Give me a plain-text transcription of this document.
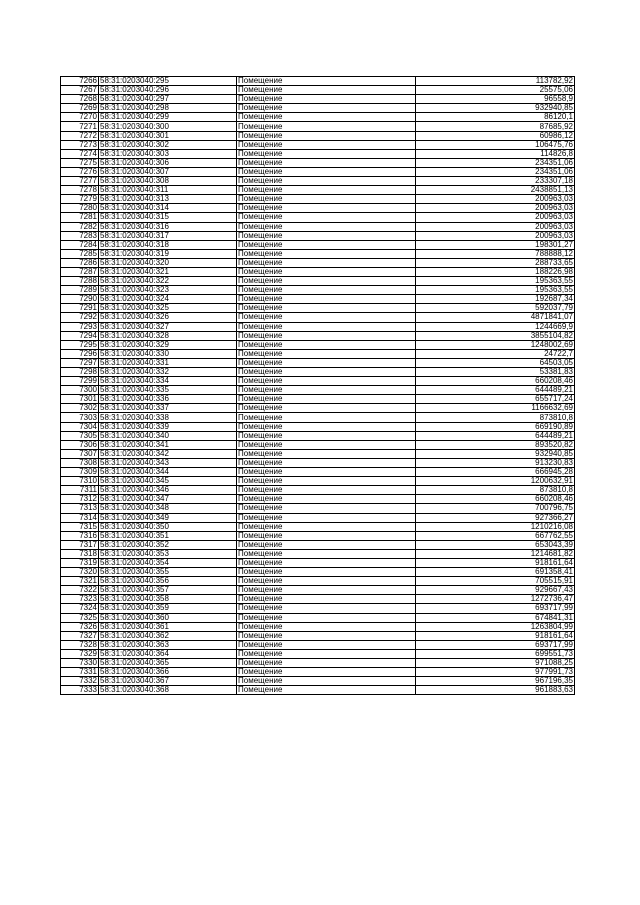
7266	58:31:0203040:295	Помещение	113782,92
7267	58:31:0203040:296	Помещение	25575,06
7268	58:31:0203040:297	Помещение	96558,9
7269	58:31:0203040:298	Помещение	932940,85
7270	58:31:0203040:299	Помещение	86120,1
7271	58:31:0203040:300	Помещение	87685,92
7272	58:31:0203040:301	Помещение	60986,12
7273	58:31:0203040:302	Помещение	106475,76
7274	58:31:0203040:303	Помещение	114826,8
7275	58:31:0203040:306	Помещение	234351,06
7276	58:31:0203040:307	Помещение	234351,06
7277	58:31:0203040:308	Помещение	233307,18
7278	58:31:0203040:311	Помещение	2438851,13
7279	58:31:0203040:313	Помещение	200963,03
7280	58:31:0203040:314	Помещение	200963,03
7281	58:31:0203040:315	Помещение	200963,03
7282	58:31:0203040:316	Помещение	200963,03
7283	58:31:0203040:317	Помещение	200963,03
7284	58:31:0203040:318	Помещение	198301,27
7285	58:31:0203040:319	Помещение	788888,12
7286	58:31:0203040:320	Помещение	288733,65
7287	58:31:0203040:321	Помещение	188226,98
7288	58:31:0203040:322	Помещение	195363,55
7289	58:31:0203040:323	Помещение	195363,55
7290	58:31:0203040:324	Помещение	192687,34
7291	58:31:0203040:325	Помещение	592037,79
7292	58:31:0203040:326	Помещение	4871841,07
7293	58:31:0203040:327	Помещение	1244669,9
7294	58:31:0203040:328	Помещение	3855104,82
7295	58:31:0203040:329	Помещение	1248002,69
7296	58:31:0203040:330	Помещение	24722,7
7297	58:31:0203040:331	Помещение	64503,05
7298	58:31:0203040:332	Помещение	53381,83
7299	58:31:0203040:334	Помещение	660208,46
7300	58:31:0203040:335	Помещение	644489,21
7301	58:31:0203040:336	Помещение	655717,24
7302	58:31:0203040:337	Помещение	1166632,69
7303	58:31:0203040:338	Помещение	873810,8
7304	58:31:0203040:339	Помещение	669190,89
7305	58:31:0203040:340	Помещение	644489,21
7306	58:31:0203040:341	Помещение	893520,82
7307	58:31:0203040:342	Помещение	932940,85
7308	58:31:0203040:343	Помещение	913230,83
7309	58:31:0203040:344	Помещение	666945,28
7310	58:31:0203040:345	Помещение	1200632,91
7311	58:31:0203040:346	Помещение	873810,8
7312	58:31:0203040:347	Помещение	660208,46
7313	58:31:0203040:348	Помещение	700796,75
7314	58:31:0203040:349	Помещение	927366,27
7315	58:31:0203040:350	Помещение	1210216,08
7316	58:31:0203040:351	Помещение	667762,55
7317	58:31:0203040:352	Помещение	653043,39
7318	58:31:0203040:353	Помещение	1214681,82
7319	58:31:0203040:354	Помещение	918161,64
7320	58:31:0203040:355	Помещение	691358,41
7321	58:31:0203040:356	Помещение	705515,91
7322	58:31:0203040:357	Помещение	929667,43
7323	58:31:0203040:358	Помещение	1272736,47
7324	58:31:0203040:359	Помещение	693717,99
7325	58:31:0203040:360	Помещение	674841,31
7326	58:31:0203040:361	Помещение	1263804,99
7327	58:31:0203040:362	Помещение	918161,64
7328	58:31:0203040:363	Помещение	693717,99
7329	58:31:0203040:364	Помещение	699551,73
7330	58:31:0203040:365	Помещение	971088,25
7331	58:31:0203040:366	Помещение	977991,73
7332	58:31:0203040:367	Помещение	967196,35
7333	58:31:0203040:368	Помещение	961883,63
